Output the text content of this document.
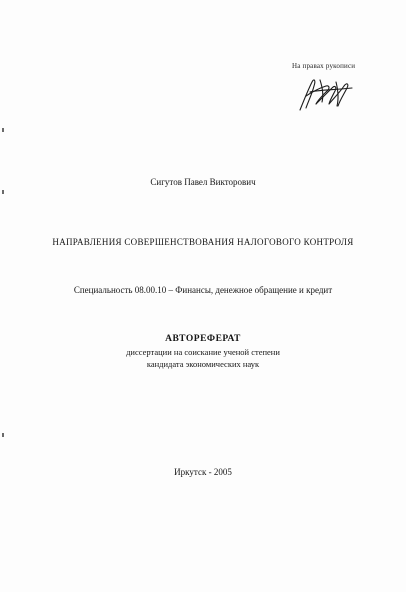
На правах рукописи
Сигутов Павел Викторович
НАПРАВЛЕНИЯ СОВЕРШЕНСТВОВАНИЯ НАЛОГОВОГО КОНТРОЛЯ
Специальность 08.00.10 – Финансы, денежное обращение и кредит
АВТОРЕФЕРАТ
диссертации на соискание ученой степени
кандидата экономических наук
Иркутск - 2005
